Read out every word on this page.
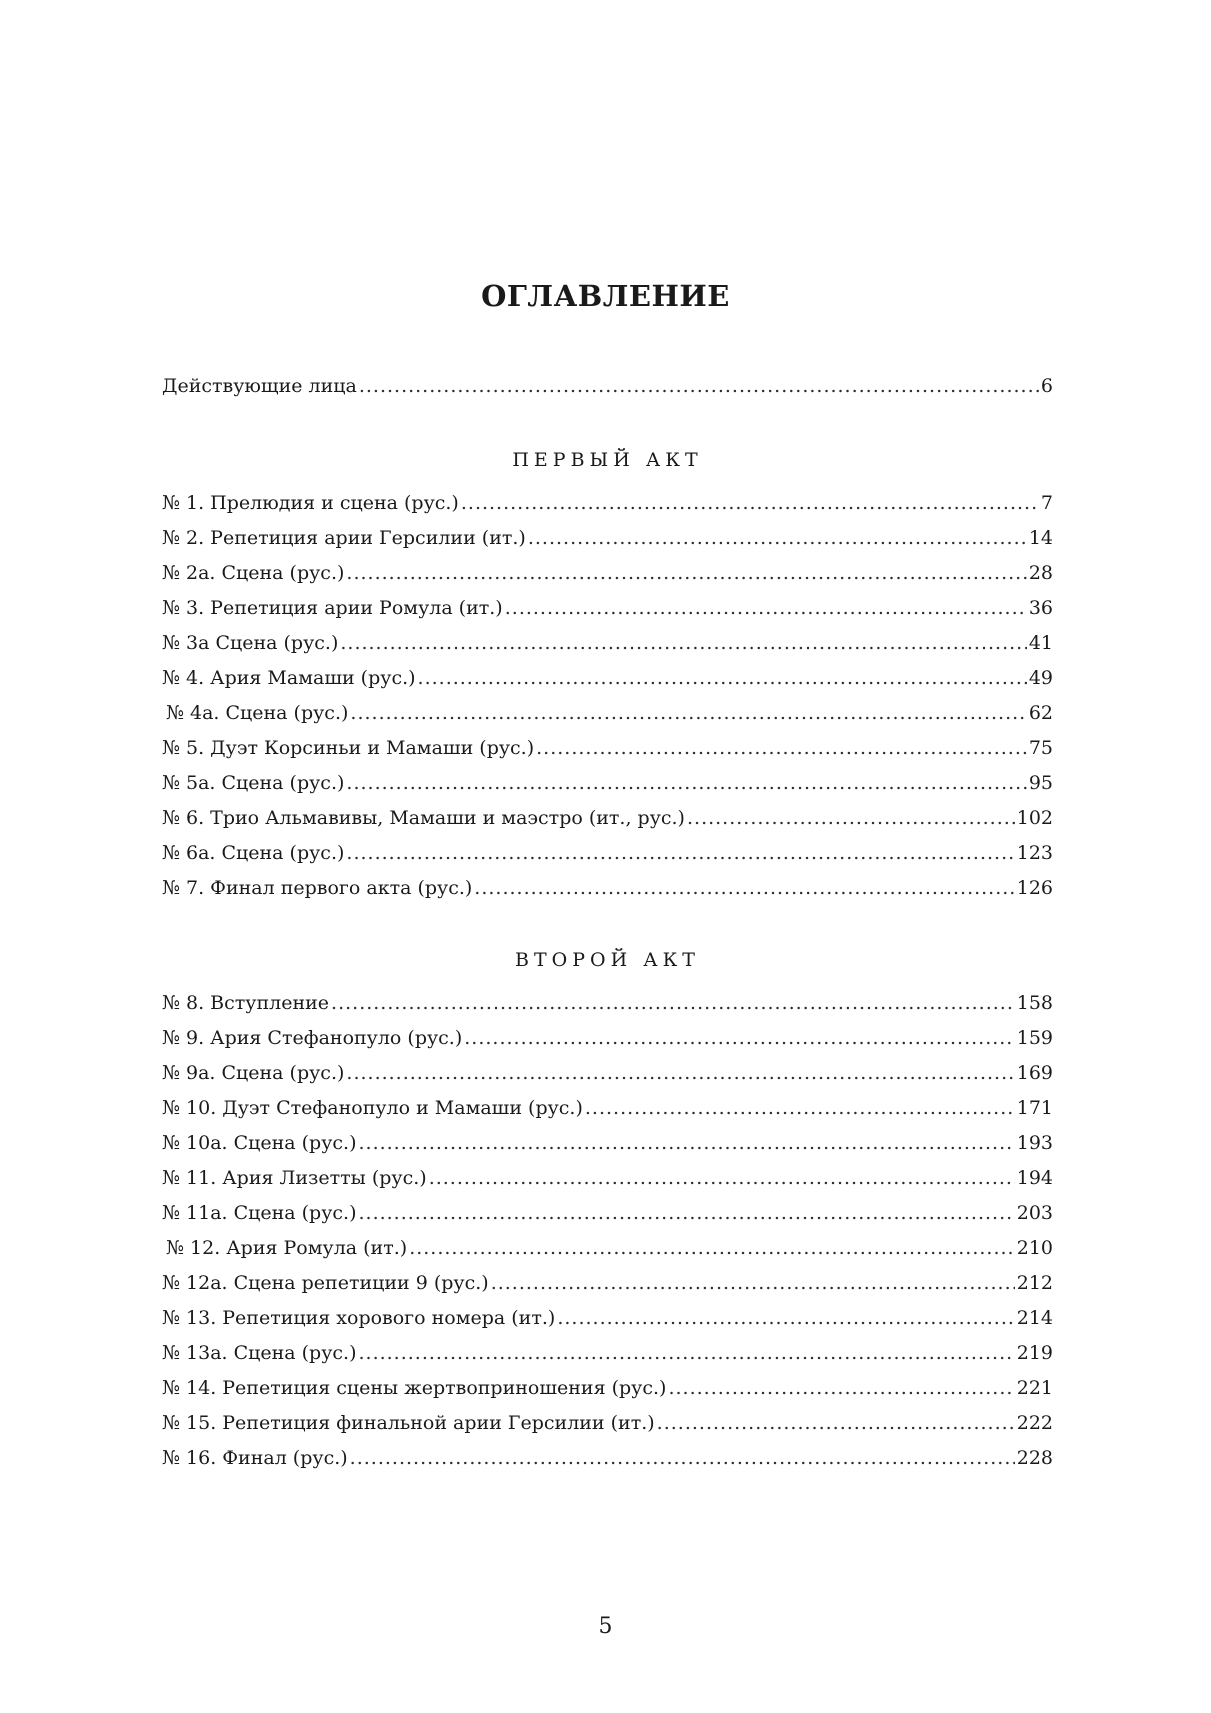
ОГЛАВЛЕНИЕ
Действующие лица .....	6
ПЕРВЫЙ АКТ
№ 1. Прелюдия и сцена (рус.) .....	7
№ 2. Репетиция арии Герсилии (ит.) .....	14
№ 2а. Сцена (рус.) .....	28
№ 3. Репетиция арии Ромула (ит.) .....	36
№ 3а Сцена (рус.) .....	41
№ 4. Ария Мамаши (рус.) .....	49
№ 4а. Сцена (рус.) .....	62
№ 5. Дуэт Корсиньи и Мамаши (рус.) .....	75
№ 5а. Сцена (рус.) .....	95
№ 6. Трио Альмавивы, Мамаши и маэстро (ит., рус.) .....	102
№ 6а. Сцена (рус.) .....	123
№ 7. Финал первого акта (рус.) .....	126
ВТОРОЙ АКТ
№ 8. Вступление .....	158
№ 9. Ария Стефанопуло (рус.) .....	159
№ 9а. Сцена (рус.) .....	169
№ 10. Дуэт Стефанопуло и Мамаши (рус.) .....	171
№ 10а. Сцена (рус.) .....	193
№ 11. Ария Лизетты (рус.) .....	194
№ 11а. Сцена (рус.) .....	203
№ 12. Ария Ромула (ит.) .....	210
№ 12а. Сцена репетиции 9 (рус.) .....	212
№ 13. Репетиция хорового номера (ит.) .....	214
№ 13а. Сцена (рус.) .....	219
№ 14. Репетиция сцены жертвоприношения (рус.) .....	221
№ 15. Репетиция финальной арии Герсилии (ит.) .....	222
№ 16. Финал (рус.) .....	228
5
